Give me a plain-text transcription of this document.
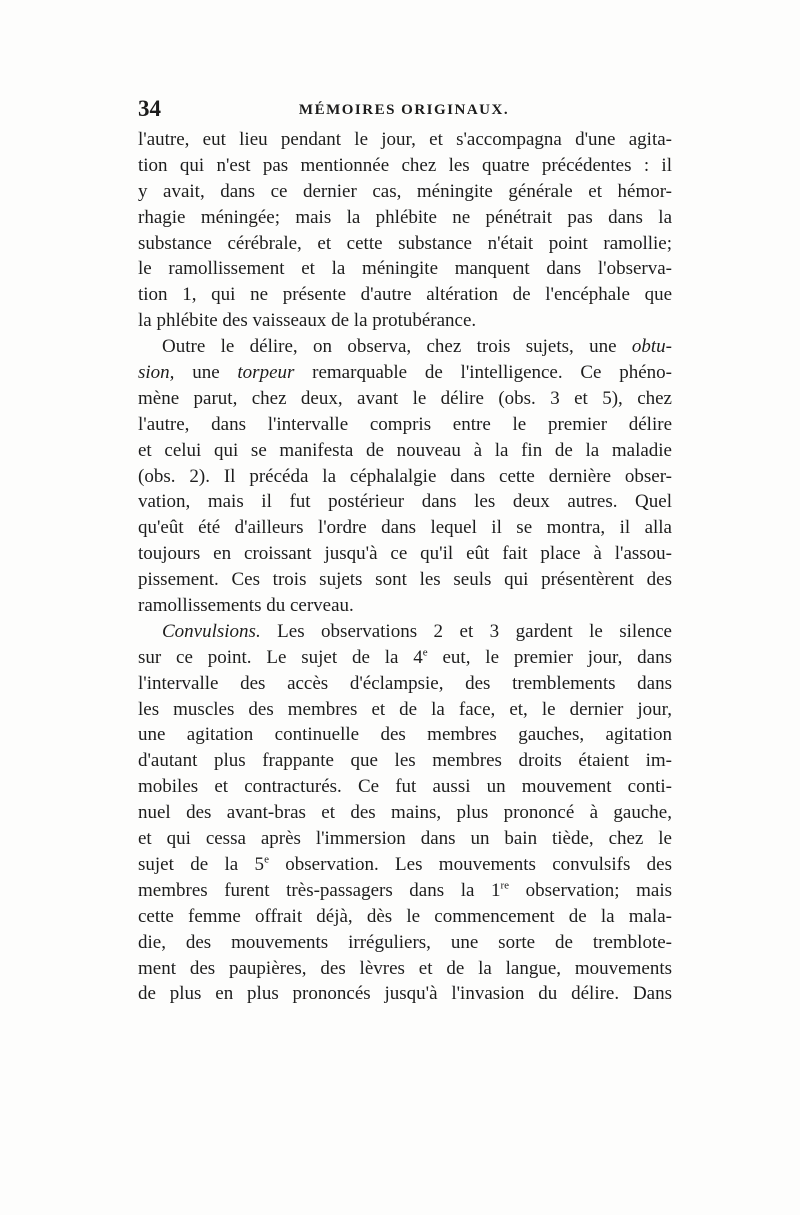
34	MÉMOIRES ORIGINAUX.
l'autre, eut lieu pendant le jour, et s'accompagna d'une agita-
tion qui n'est pas mentionnée chez les quatre précédentes : il
y avait, dans ce dernier cas, méningite générale et hémor-
rhagie méningée; mais la phlébite ne pénétrait pas dans la
substance cérébrale, et cette substance n'était point ramollie;
le ramollissement et la méningite manquent dans l'observa-
tion 1, qui ne présente d'autre altération de l'encéphale que
la phlébite des vaisseaux de la protubérance.
Outre le délire, on observa, chez trois sujets, une obtu-
sion, une torpeur remarquable de l'intelligence. Ce phéno-
mène parut, chez deux, avant le délire (obs. 3 et 5), chez
l'autre, dans l'intervalle compris entre le premier délire
et celui qui se manifesta de nouveau à la fin de la maladie
(obs. 2). Il précéda la céphalalgie dans cette dernière obser-
vation, mais il fut postérieur dans les deux autres. Quel
qu'eût été d'ailleurs l'ordre dans lequel il se montra, il alla
toujours en croissant jusqu'à ce qu'il eût fait place à l'assou-
pissement. Ces trois sujets sont les seuls qui présentèrent des
ramollissements du cerveau.
Convulsions. Les observations 2 et 3 gardent le silence
sur ce point. Le sujet de la 4e eut, le premier jour, dans
l'intervalle des accès d'éclampsie, des tremblements dans
les muscles des membres et de la face, et, le dernier jour,
une agitation continuelle des membres gauches, agitation
d'autant plus frappante que les membres droits étaient im-
mobiles et contracturés. Ce fut aussi un mouvement conti-
nuel des avant-bras et des mains, plus prononcé à gauche,
et qui cessa après l'immersion dans un bain tiède, chez le
sujet de la 5e observation. Les mouvements convulsifs des
membres furent très-passagers dans la 1re observation; mais
cette femme offrait déjà, dès le commencement de la mala-
die, des mouvements irréguliers, une sorte de tremblote-
ment des paupières, des lèvres et de la langue, mouvements
de plus en plus prononcés jusqu'à l'invasion du délire. Dans
